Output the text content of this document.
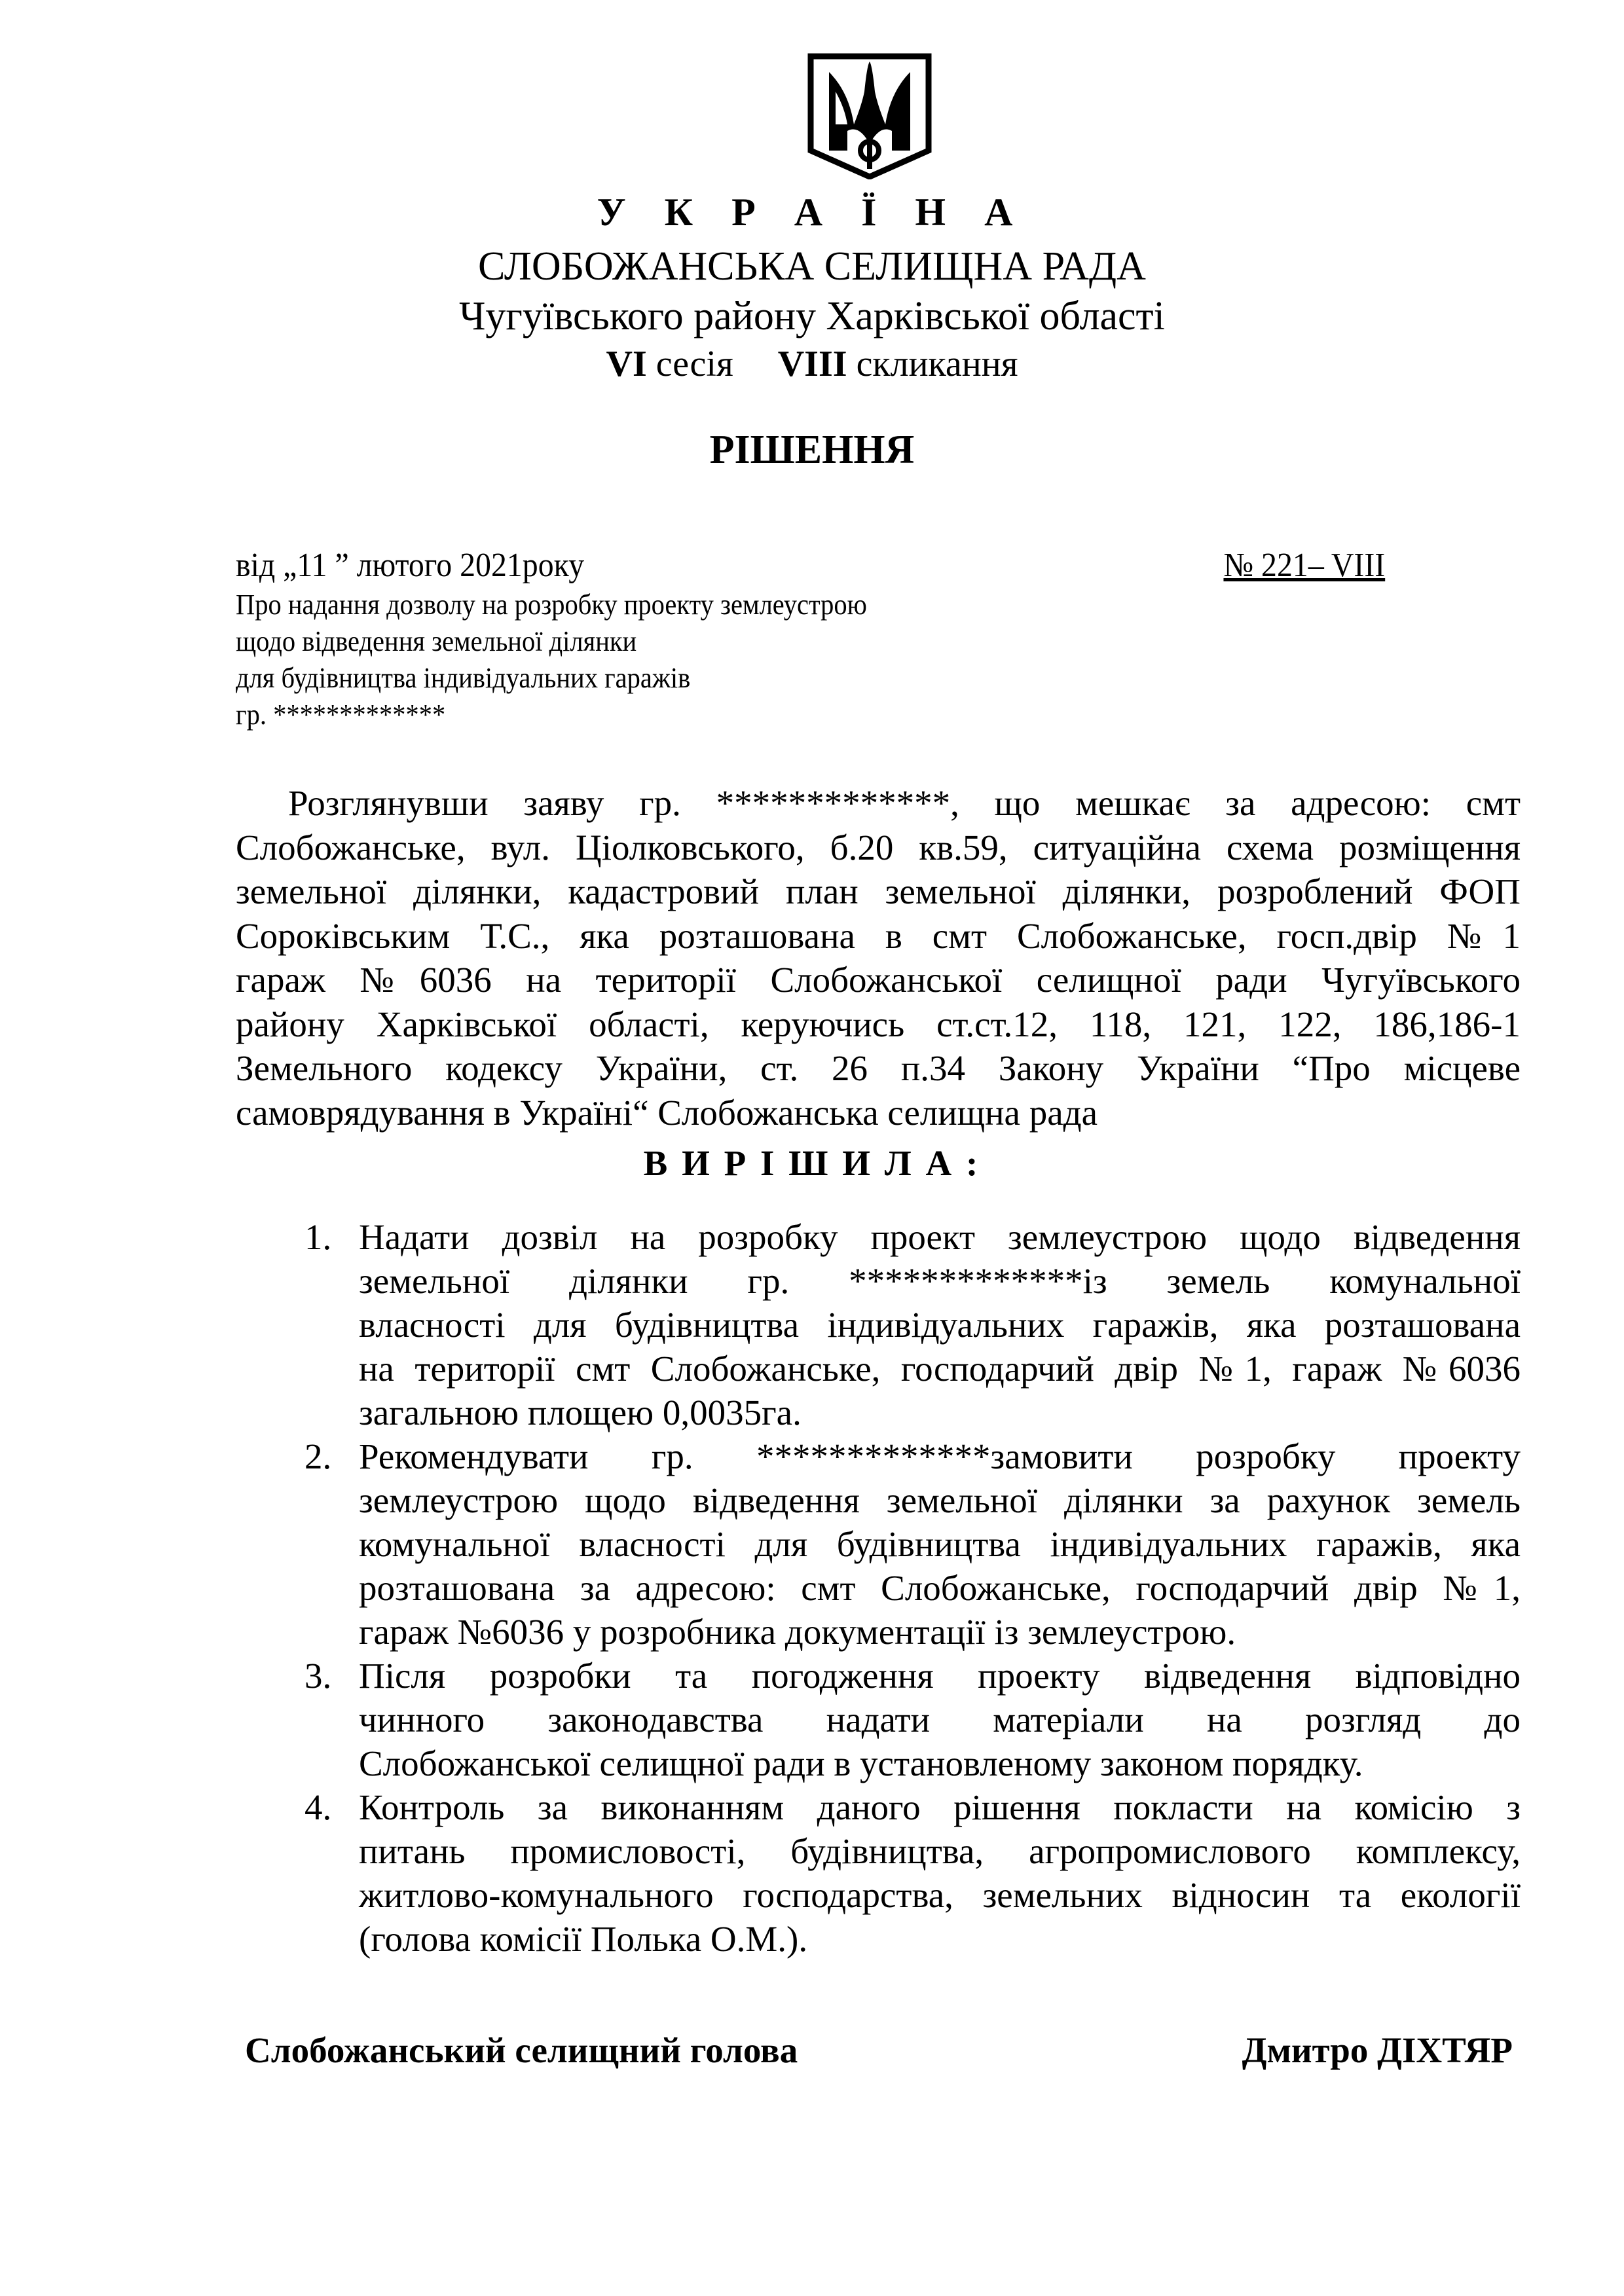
У К Р А Ї Н А
СЛОБОЖАНСЬКА СЕЛИЩНА РАДА
Чугуївського району Харківської області
VI сесія VIII скликання
РІШЕННЯ
від „11 ” лютого 2021року	№ 221– VIII
Про надання дозволу на розробку проекту землеустрою
щодо відведення земельної ділянки
для будівництва індивідуальних гаражів
гр. *************
Розглянувши заяву гр. *************, що мешкає за адресою: смт
Слобожанське, вул. Ціолковського, б.20 кв.59, ситуаційна схема розміщення
земельної ділянки, кадастровий план земельної ділянки, розроблений ФОП
Сороківським Т.С., яка розташована в смт Слобожанське, госп.двір №1
гараж №6036 на території Слобожанської селищної ради Чугуївського
району Харківської області, керуючись ст.ст.12, 118, 121, 122, 186,186-1
Земельного кодексу України, ст. 26 п.34 Закону України “Про місцеве
самоврядування в Україні“ Слобожанська селищна рада
В И Р І Ш И Л А :
1. Надати дозвіл на розробку проект землеустрою щодо відведення
земельної ділянки гр. *************із земель комунальної
власності для будівництва індивідуальних гаражів, яка розташована
на території смт Слобожанське, господарчий двір №1, гараж №6036
загальною площею 0,0035га.
2. Рекомендувати гр. *************замовити розробку проекту
землеустрою щодо відведення земельної ділянки за рахунок земель
комунальної власності для будівництва індивідуальних гаражів, яка
розташована за адресою: смт Слобожанське, господарчий двір №1,
гараж №6036 у розробника документації із землеустрою.
3. Після розробки та погодження проекту відведення відповідно
чинного законодавства надати матеріали на розгляд до
Слобожанської селищної ради в установленому законом порядку.
4. Контроль за виконанням даного рішення покласти на комісію з
питань промисловості, будівництва, агропромислового комплексу,
житлово-комунального господарства, земельних відносин та екології
(голова комісії Полька О.М.).
Слобожанський селищний голова	Дмитро ДІХТЯР
